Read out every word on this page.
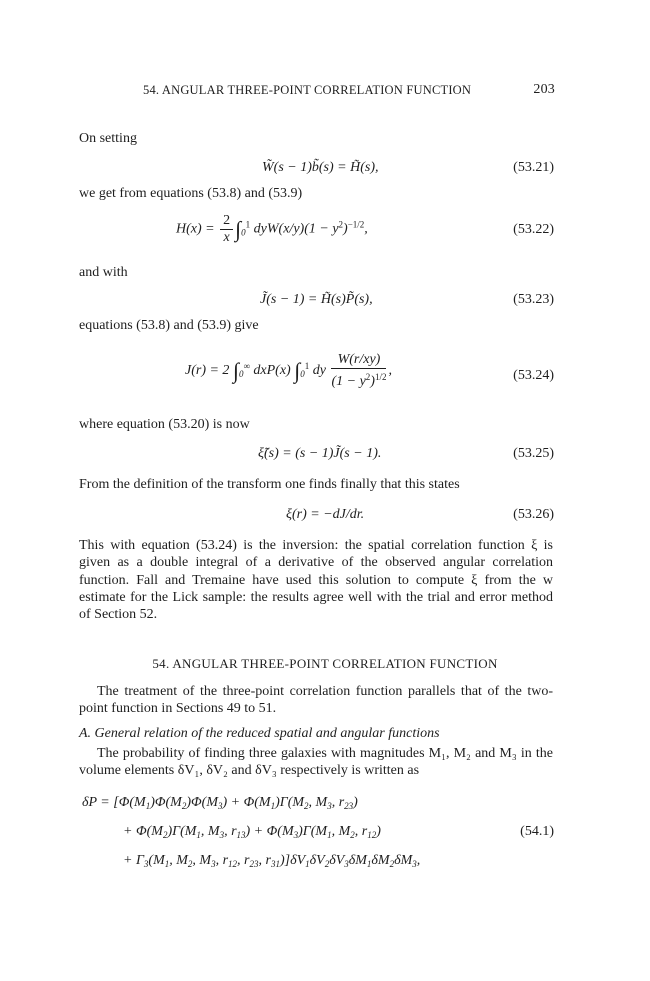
54. ANGULAR THREE-POINT CORRELATION FUNCTION	203
On setting
W̃(s − 1)b̃(s) = H̃(s),	(53.21)
we get from equations (53.8) and (53.9)
$H(x) = \frac{2}{x} \int_0^1$ $dyW(x/y)(1 - y^2)^{-1/2}$,	(53.22)
and with
J̃(s − 1) = H̃(s)P̃(s),	(53.23)
equations (53.8) and (53.9) give
J(r) = 2 $\int_0^\infty$ dxP(x) $\int_0^1$ dy $\frac{W(r/xy)}{(1 - y^2)^{1/2}}$ ,	(53.24)
where equation (53.20) is now
ξ̃(s) = (s − 1)J̃(s − 1).	(53.25)
From the definition of the transform one finds finally that this states
ξ(r) = −dJ/dr.	(53.26)
This with equation (53.24) is the inversion: the spatial correlation function ξ is given as a double integral of a derivative of the observed angular correlation function. Fall and Tremaine have used this solution to compute ξ from the w estimate for the Lick sample: the results agree well with the trial and error method of Section 52.
54. ANGULAR THREE-POINT CORRELATION FUNCTION
The treatment of the three-point correlation function parallels that of the two-point function in Sections 49 to 51.
A. General relation of the reduced spatial and angular functions
The probability of finding three galaxies with magnitudes M₁, M₂ and M₃ in the volume elements δV₁, δV₂ and δV₃ respectively is written as
$\delta P = [\Phi(M_1)\Phi(M_2)\Phi(M_3) + \Phi(M_1)\Gamma(M_2$, $M_3$, $r_{23}$)
+ $\Phi(M_2)\Gamma(M_1$, $M_3$, $r_{13}) + \Phi(M_3)\Gamma(M_1$, $M_2$, $r_{12}$)	(54.1)
+ $\Gamma_3(M_1$, $M_2$, $M_3$, $r_{12}$, $r_{23}$, $r_{31})]\delta V_1\delta V_2\delta V_3\delta M_1\delta M_2\delta M_3$,
